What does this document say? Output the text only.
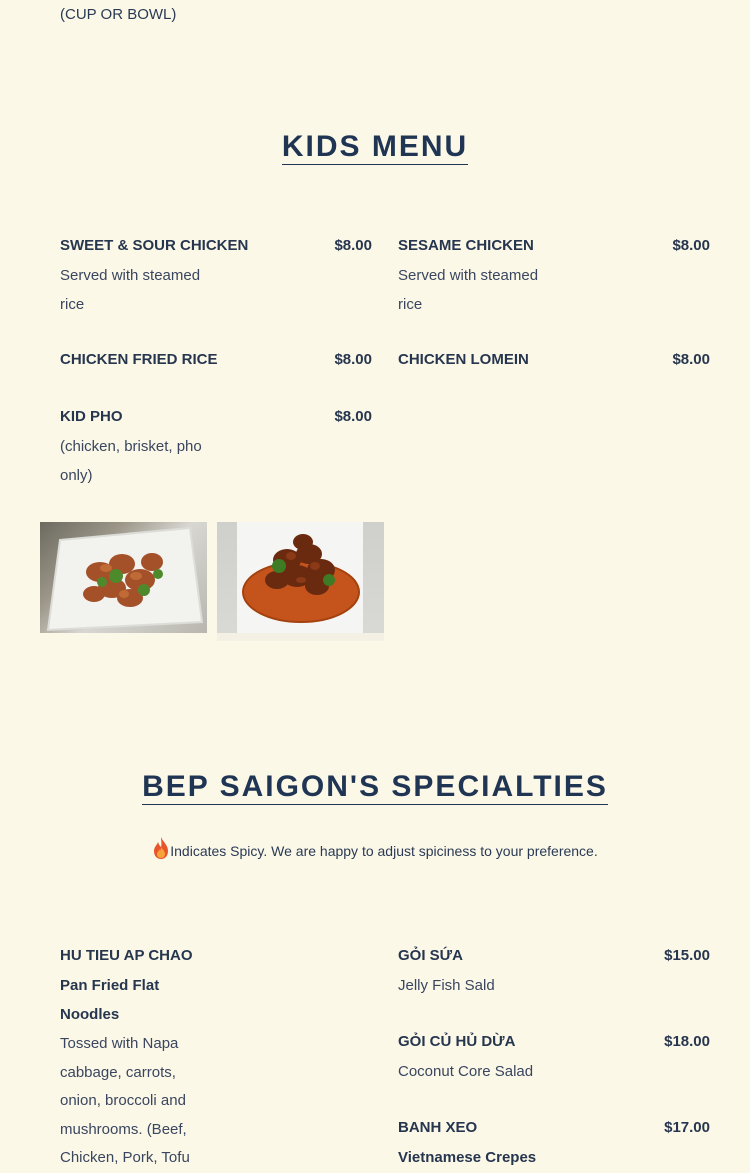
(CUP OR BOWL)
KIDS MENU
SWEET & SOUR CHICKEN	$8.00
Served with steamed
rice
SESAME CHICKEN	$8.00
Served with steamed
rice
CHICKEN FRIED RICE	$8.00 CHICKEN LOMEIN	$8.00
KID PHO	$8.00
(chicken, brisket, pho
only)
BEP SAIGON'S SPECIALTIES
Indicates Spicy. We are happy to adjust spiciness to your preference.
HU TIEU AP CHAO
Pan Fried Flat
Noodles
Tossed with Napa
cabbage, carrots,
onion, broccoli and
mushrooms. (Beef,
Chicken, Pork, Tofu
GỎI SỨA	$15.00
Jelly Fish Sald
GỎI CỦ HỦ DỪA	$18.00
Coconut Core Salad
BANH XEO	$17.00
Vietnamese Crepes
